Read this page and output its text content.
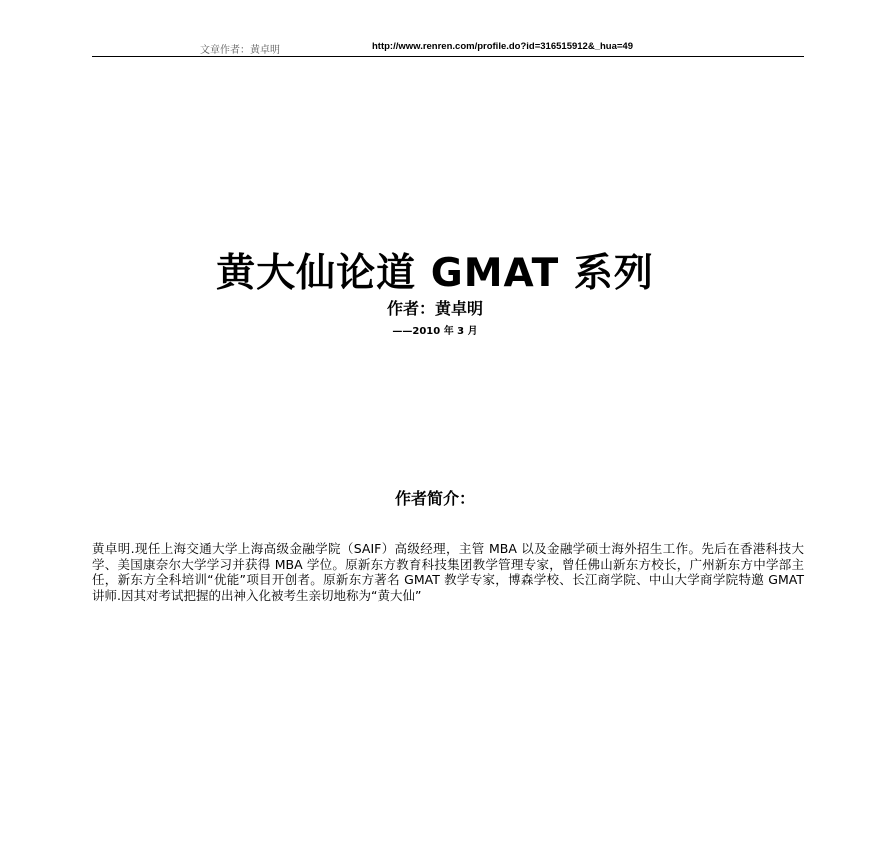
文章作者：黄卓明	http://www.renren.com/profile.do?id=316515912&_hua=49
黄大仙论道 GMAT 系列
作者：黄卓明
——2010 年 3 月
作者简介：
黄卓明.现任上海交通大学上海高级金融学院（SAIF）高级经理，主管 MBA 以及金融学硕士海外招生工作。先后在香港科技大学、美国康奈尔大学学习并获得 MBA 学位。原新东方教育科技集团教学管理专家，曾任佛山新东方校长，广州新东方中学部主任，新东方全科培训“优能”项目开创者。原新东方著名 GMAT 教学专家，博森学校、长江商学院、中山大学商学院特邀 GMAT 讲师.因其对考试把握的出神入化被考生亲切地称为“黄大仙”
